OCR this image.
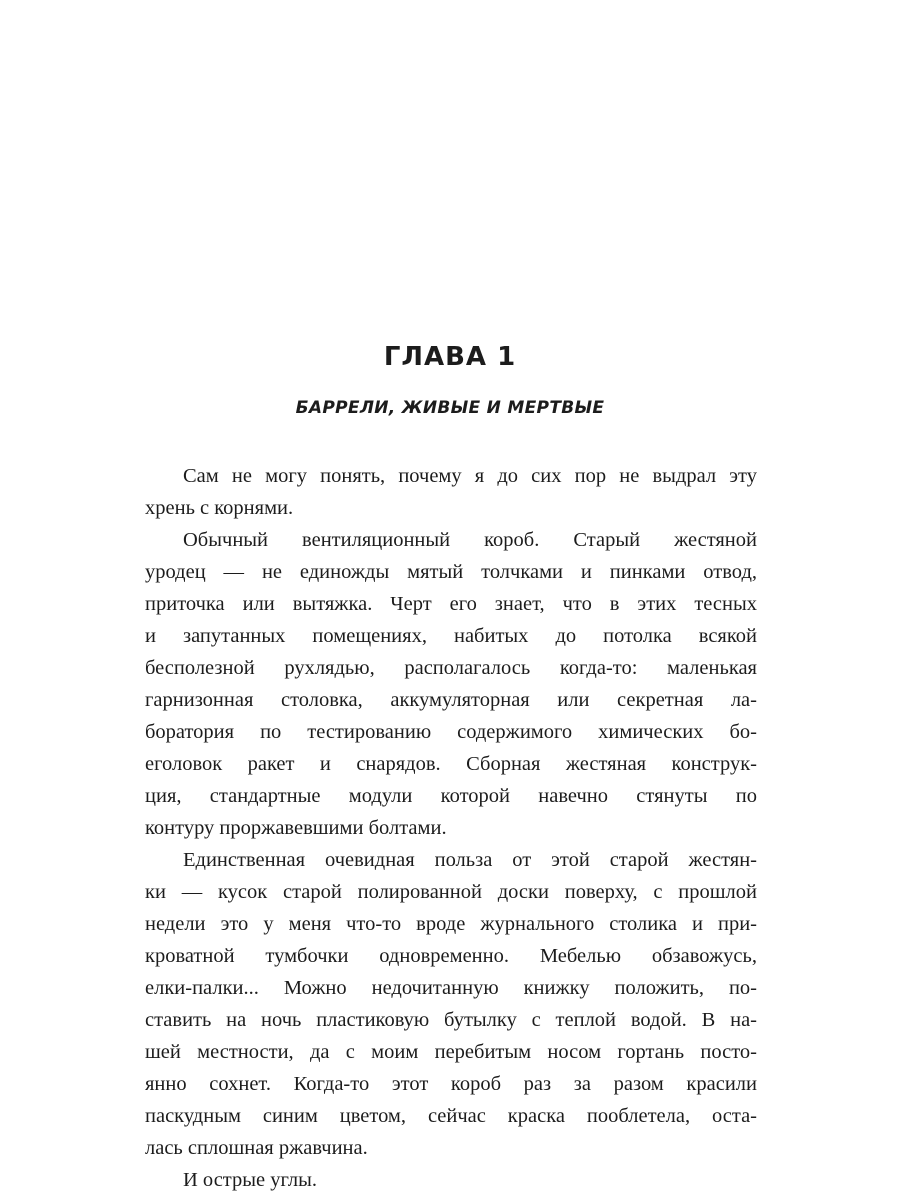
ГЛАВА 1
БАРРЕЛИ, ЖИВЫЕ И МЕРТВЫЕ
Сам не могу понять, почему я до сих пор не выдрал эту
хрень с корнями.
Обычный вентиляционный короб. Старый жестяной
уродец — не единожды мятый толчками и пинками отвод,
приточка или вытяжка. Черт его знает, что в этих тесных
и запутанных помещениях, набитых до потолка всякой
бесполезной рухлядью, располагалось когда-то: маленькая
гарнизонная столовка, аккумуляторная или секретная ла-
боратория по тестированию содержимого химических бо-
еголовок ракет и снарядов. Сборная жестяная конструк-
ция, стандартные модули которой навечно стянуты по
контуру проржавевшими болтами.
Единственная очевидная польза от этой старой жестян-
ки — кусок старой полированной доски поверху, с прошлой
недели это у меня что-то вроде журнального столика и при-
кроватной тумбочки одновременно. Мебелью обзавожусь,
елки-палки... Можно недочитанную книжку положить, по-
ставить на ночь пластиковую бутылку с теплой водой. В на-
шей местности, да с моим перебитым носом гортань посто-
янно сохнет. Когда-то этот короб раз за разом красили
паскудным синим цветом, сейчас краска пооблетела, оста-
лась сплошная ржавчина.
И острые углы.
